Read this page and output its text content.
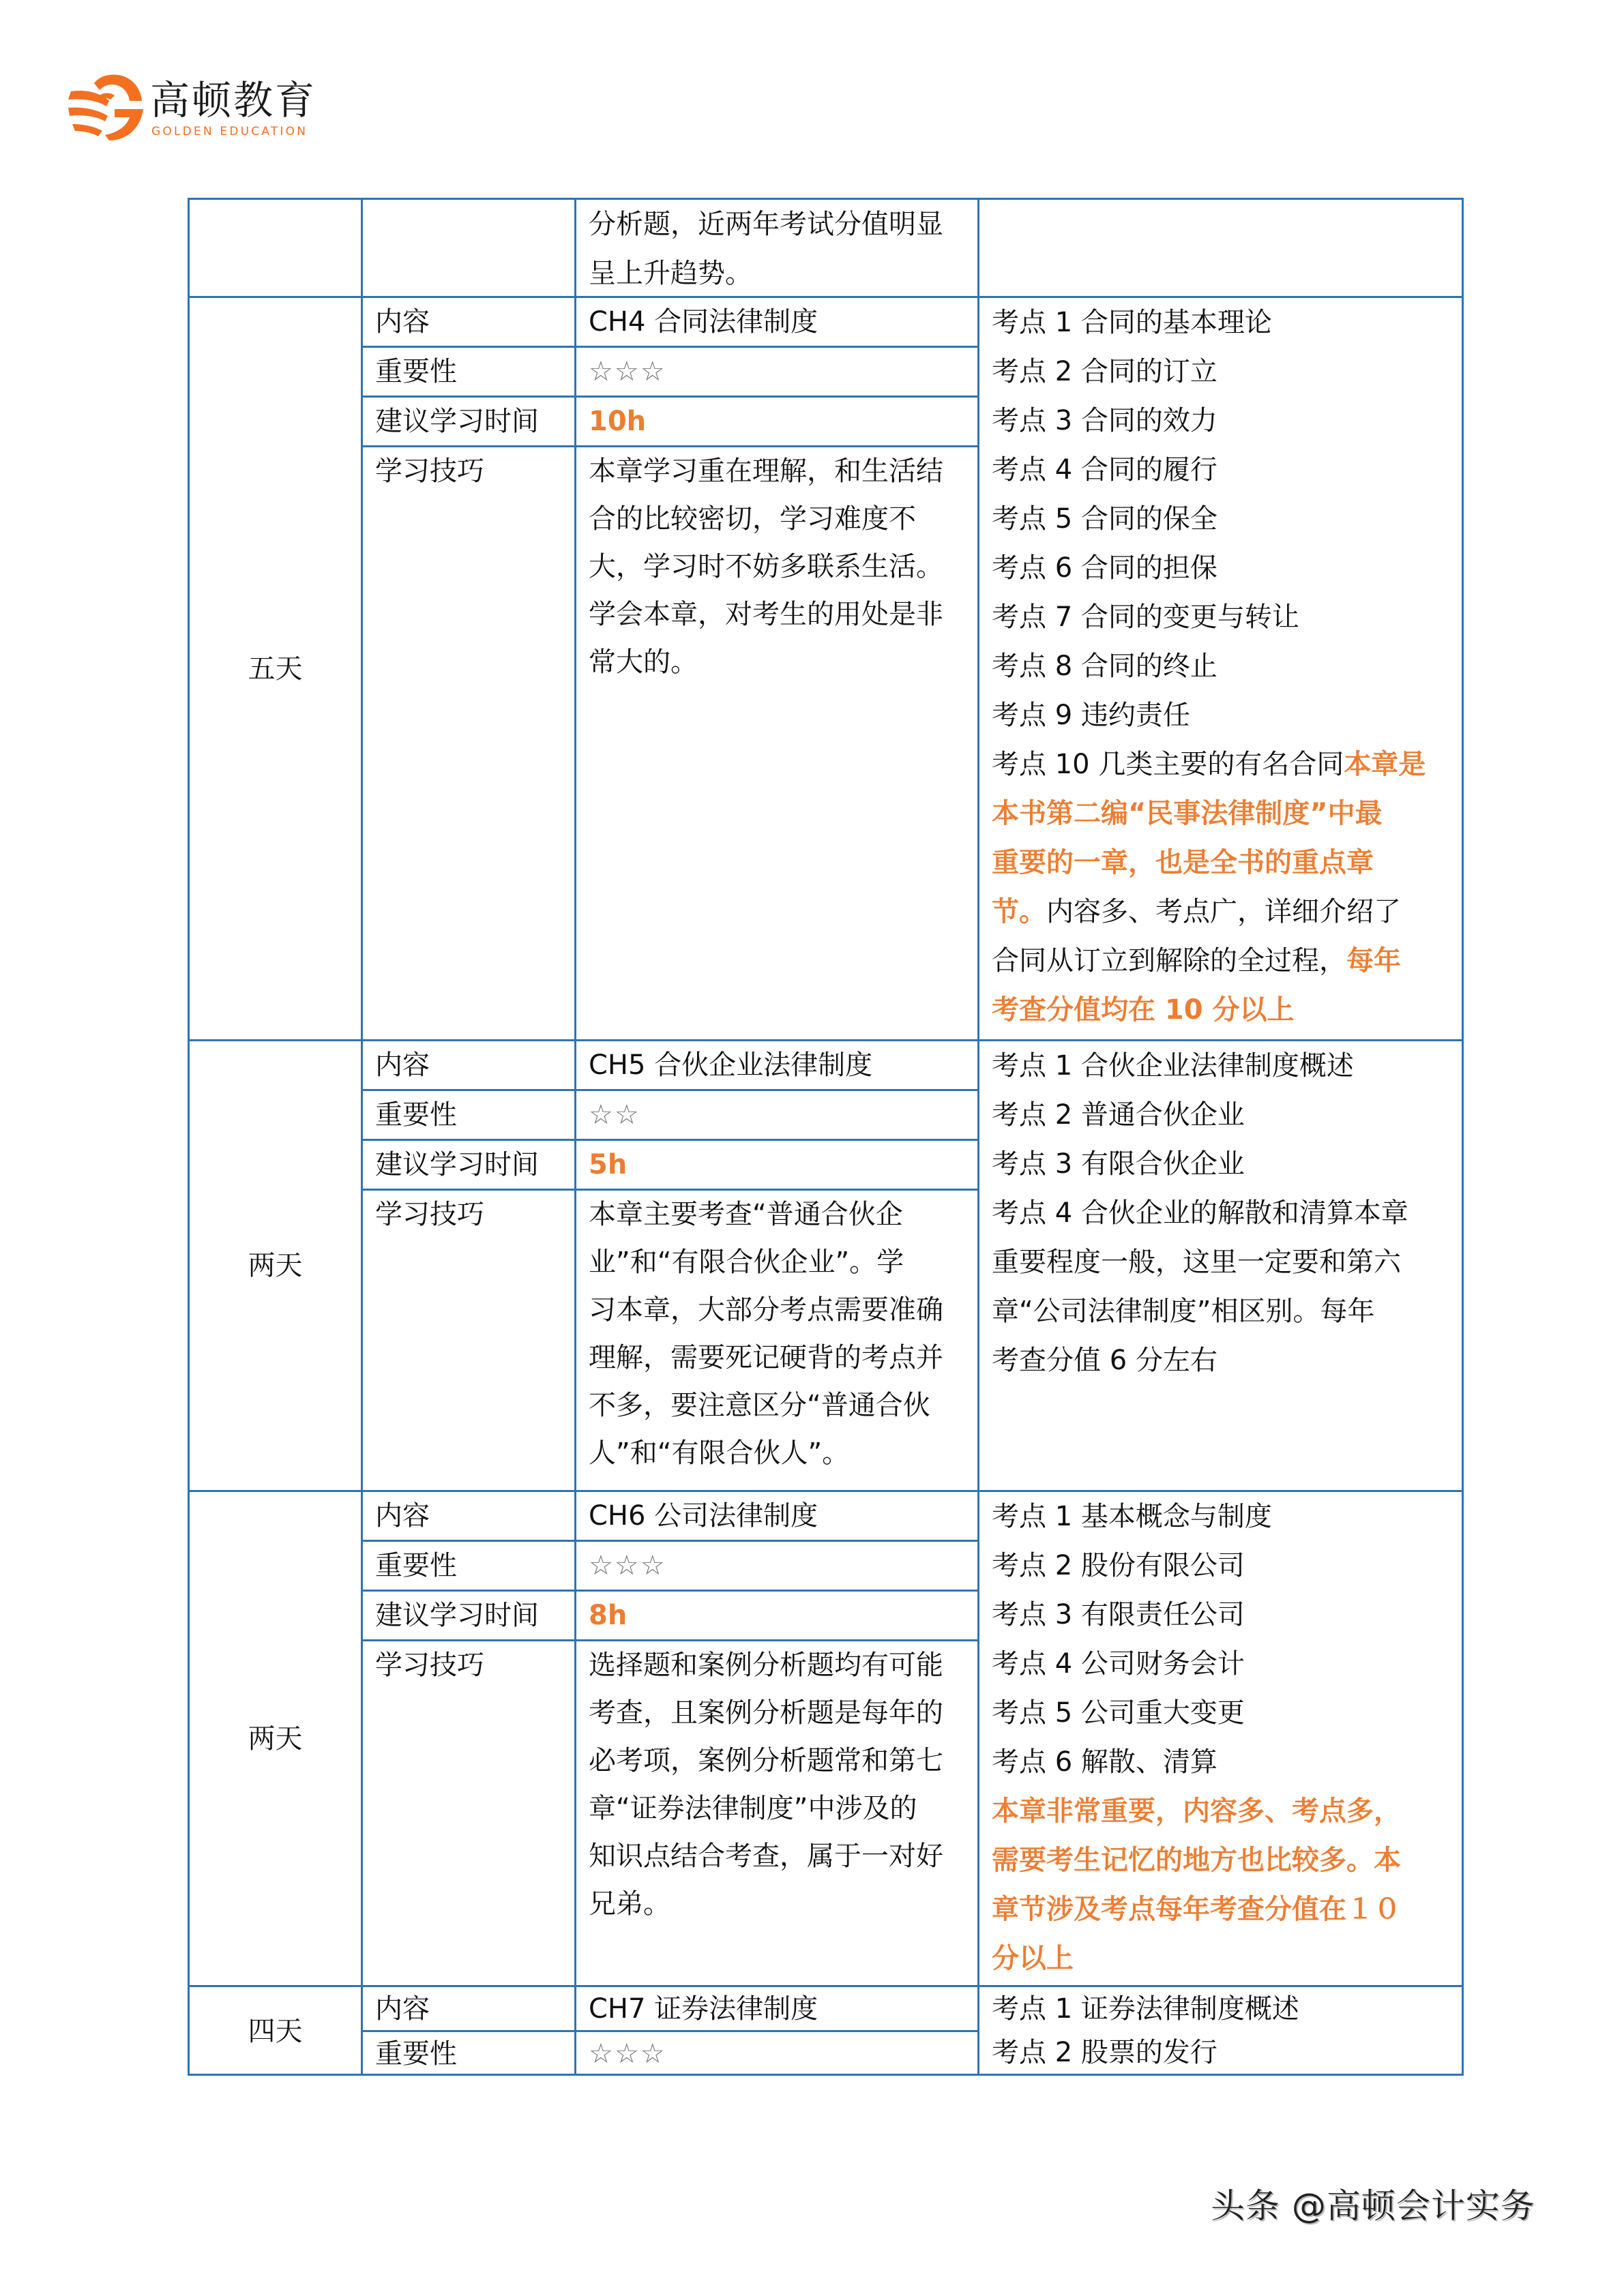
高顿教育
GOLDEN EDUCATION
分析题，近两年考试分值明显
呈上升趋势。
五天
内容
重要性
建议学习时间
学习技巧
CH4 合同法律制度
☆☆☆
10h
本章学习重在理解，和生活结
合的比较密切，学习难度不
大，学习时不妨多联系生活。
学会本章，对考生的用处是非
常大的。
考点 1 合同的基本理论
考点 2 合同的订立
考点 3 合同的效力
考点 4 合同的履行
考点 5 合同的保全
考点 6 合同的担保
考点 7 合同的变更与转让
考点 8 合同的终止
考点 9 违约责任
考点 10 几类主要的有名合同本章是
本书第二编“民事法律制度”中最
重要的一章，也是全书的重点章
节。内容多、考点广，详细介绍了
合同从订立到解除的全过程，每年
考查分值均在 10 分以上
两天
内容
重要性
建议学习时间
学习技巧
CH5 合伙企业法律制度
☆☆
5h
本章主要考查“普通合伙企
业”和“有限合伙企业”。学
习本章，大部分考点需要准确
理解，需要死记硬背的考点并
不多，要注意区分“普通合伙
人”和“有限合伙人”。
考点 1 合伙企业法律制度概述
考点 2 普通合伙企业
考点 3 有限合伙企业
考点 4 合伙企业的解散和清算本章
重要程度一般，这里一定要和第六
章“公司法律制度”相区别。每年
考查分值 6 分左右
两天
内容
重要性
建议学习时间
学习技巧
CH6 公司法律制度
☆☆☆
8h
选择题和案例分析题均有可能
考查，且案例分析题是每年的
必考项，案例分析题常和第七
章“证券法律制度”中涉及的
知识点结合考查，属于一对好
兄弟。
考点 1 基本概念与制度
考点 2 股份有限公司
考点 3 有限责任公司
考点 4 公司财务会计
考点 5 公司重大变更
考点 6 解散、清算
本章非常重要，内容多、考点多，
需要考生记忆的地方也比较多。本
章节涉及考点每年考查分值在１０
分以上
四天
内容
重要性
CH7 证券法律制度
☆☆☆
考点 1 证券法律制度概述
考点 2 股票的发行
头条 @高顿会计实务
